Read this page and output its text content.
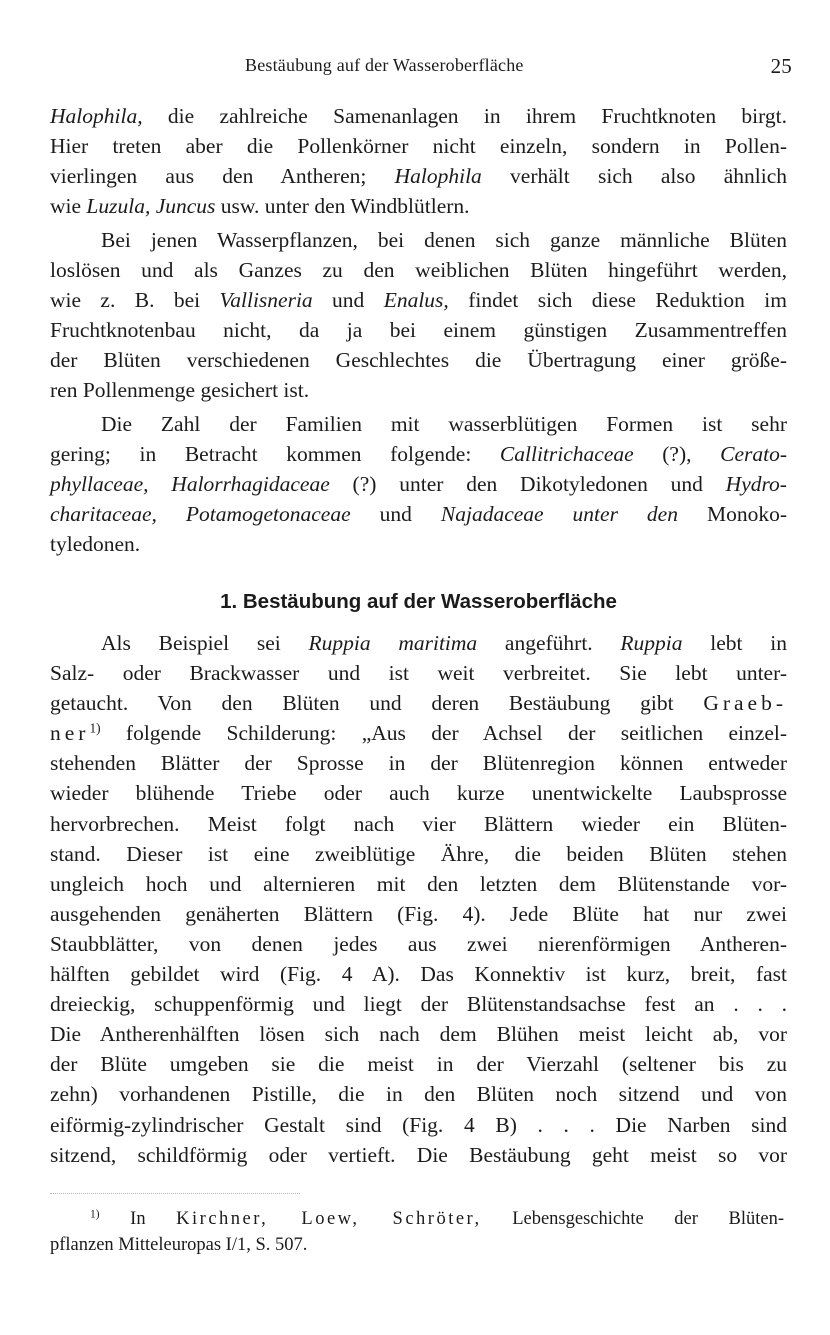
Bestäubung auf der Wasseroberfläche	25
Halophila, die zahlreiche Samenanlagen in ihrem Fruchtknoten birgt.
Hier treten aber die Pollenkörner nicht einzeln, sondern in Pollen-
vierlingen aus den Antheren; Halophila verhält sich also ähnlich
wie Luzula, Juncus usw. unter den Windblütlern.
Bei jenen Wasserpflanzen, bei denen sich ganze männliche Blüten
loslösen und als Ganzes zu den weiblichen Blüten hingeführt werden,
wie z. B. bei Vallisneria und Enalus, findet sich diese Reduktion im
Fruchtknotenbau nicht, da ja bei einem günstigen Zusammentreffen
der Blüten verschiedenen Geschlechtes die Übertragung einer größe-
ren Pollenmenge gesichert ist.
Die Zahl der Familien mit wasserblütigen Formen ist sehr
gering; in Betracht kommen folgende: Callitrichaceae (?), Cerato-
phyllaceae, Halorrhagidaceae (?) unter den Dikotyledonen und Hydro-
charitaceae, Potamogetonaceae und Najadaceae unter den Monoko-
tyledonen.
1. Bestäubung auf der Wasseroberfläche
Als Beispiel sei Ruppia maritima angeführt. Ruppia lebt in
Salz- oder Brackwasser und ist weit verbreitet. Sie lebt unter-
getaucht. Von den Blüten und deren Bestäubung gibt Graeb-
ner$^{1)}$ folgende Schilderung: „Aus der Achsel der seitlichen einzel-
stehenden Blätter der Sprosse in der Blütenregion können entweder
wieder blühende Triebe oder auch kurze unentwickelte Laubsprosse
hervorbrechen. Meist folgt nach vier Blättern wieder ein Blüten-
stand. Dieser ist eine zweiblütige Ähre, die beiden Blüten stehen
ungleich hoch und alternieren mit den letzten dem Blütenstande vor-
ausgehenden genäherten Blättern (Fig. 4). Jede Blüte hat nur zwei
Staubblätter, von denen jedes aus zwei nierenförmigen Antheren-
hälften gebildet wird (Fig. 4 A). Das Konnektiv ist kurz, breit, fast
dreieckig, schuppenförmig und liegt der Blütenstandsachse fest an . . .
Die Antherenhälften lösen sich nach dem Blühen meist leicht ab, vor
der Blüte umgeben sie die meist in der Vierzahl (seltener bis zu
zehn) vorhandenen Pistille, die in den Blüten noch sitzend und von
eiförmig-zylindrischer Gestalt sind (Fig. 4 B) . . . Die Narben sind
sitzend, schildförmig oder vertieft. Die Bestäubung geht meist so vor
$^{1)}$ In Kirchner, Loew, Schröter, Lebensgeschichte der Blüten-
pflanzen Mitteleuropas I/1, S. 507.
